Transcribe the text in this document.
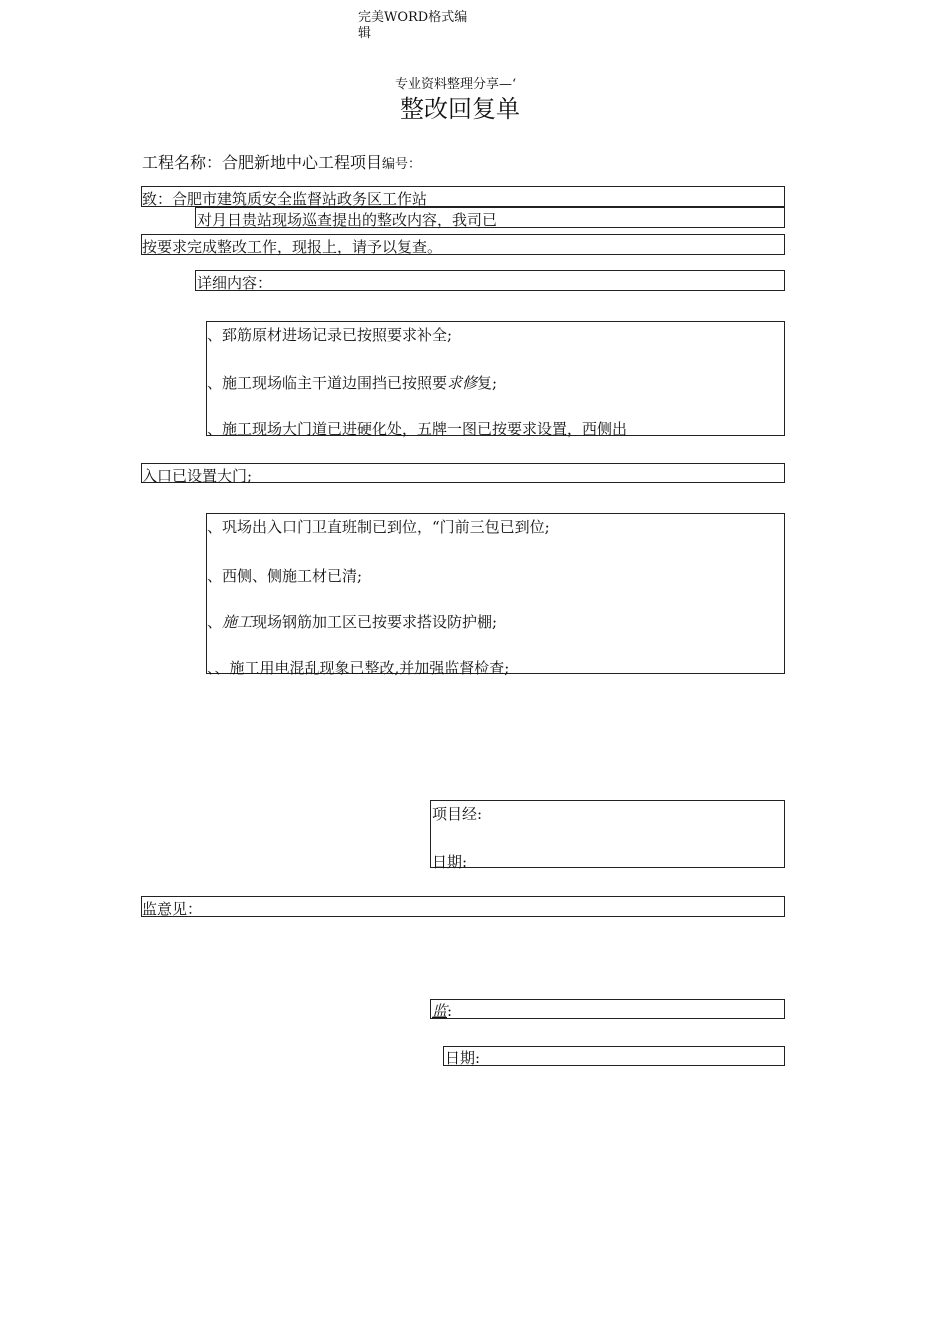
完美WORD格式编
辑
专业资料整理分享—‘
整改回复单
工程名称：合肥新地中心工程项目编号：
致：合肥市建筑质安全监督站政务区工作站
对月日贵站现场巡查提出的整改内容，我司已
按要求完成整改工作，现报上，请予以复查。
详细内容：
、郅筋原材进场记录已按照要求补全;
、施工现场临主干道边围挡已按照要求修复;
、施工现场大门道已进硬化处，五牌一图已按要求设置，西侧出
入口已设置大门;
、巩场出入口门卫直班制已到位，“门前三包已到位;
、西侧、侧施工材已清;
、施工现场钢筋加工区已按要求搭设防护棚;
、、施工用电混乱现象已整改,并加强监督检查;
项目经:
日期:
监意见：
监:
日期:
